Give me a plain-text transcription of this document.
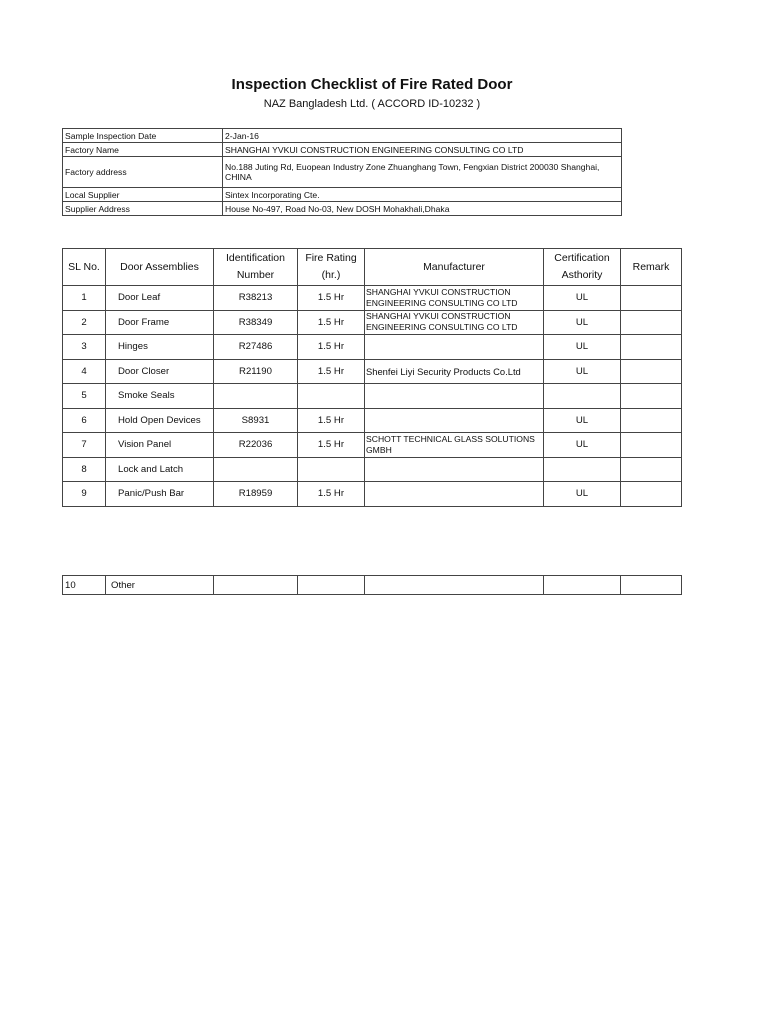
Inspection Checklist of Fire Rated Door
NAZ Bangladesh Ltd. ( ACCORD ID-10232 )
Sample Inspection Date	2-Jan-16
Factory Name	SHANGHAI YVKUI CONSTRUCTION ENGINEERING CONSULTING CO LTD
Factory address	No.188 Juting Rd, Euopean Industry Zone Zhuanghang Town, Fengxian District 200030 Shanghai, CHINA
Local Supplier	Sintex Incorporating Cte.
Supplier Address	House No-497, Road No-03, New DOSH Mohakhali,Dhaka
SL No.	Door Assemblies	Identification Number	Fire Rating (hr.)	Manufacturer	Certification Asthority	Remark
1	Door Leaf	R38213	1.5 Hr	SHANGHAI YVKUI CONSTRUCTION ENGINEERING CONSULTING CO LTD	UL	
2	Door Frame	R38349	1.5 Hr	SHANGHAI YVKUI CONSTRUCTION ENGINEERING CONSULTING CO LTD	UL	
3	Hinges	R27486	1.5 Hr		UL	
4	Door Closer	R21190	1.5 Hr	Shenfei Liyi Security Products Co.Ltd	UL	
5	Smoke Seals					
6	Hold Open Devices	S8931	1.5 Hr		UL	
7	Vision Panel	R22036	1.5 Hr	SCHOTT TECHNICAL GLASS SOLUTIONS GMBH	UL	
8	Lock and Latch					
9	Panic/Push Bar	R18959	1.5 Hr		UL	
10	Other					
